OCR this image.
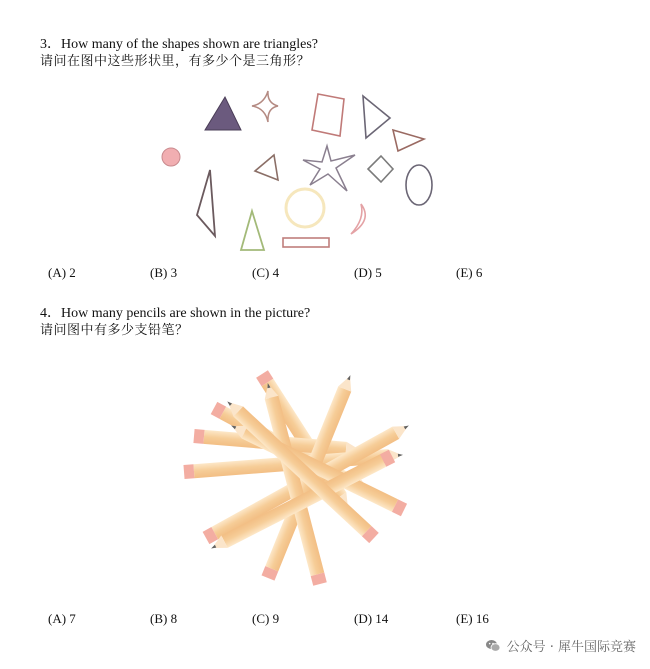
3．How many of the shapes shown are triangles?
请问在图中这些形状里，有多少个是三角形？
(A) 2	(B) 3	(C) 4	(D) 5	(E) 6
4．How many pencils are shown in the picture?
请问图中有多少支铅笔？
(A) 7	(B) 8	(C) 9	(D) 14	(E) 16
公众号 · 犀牛国际竞赛
